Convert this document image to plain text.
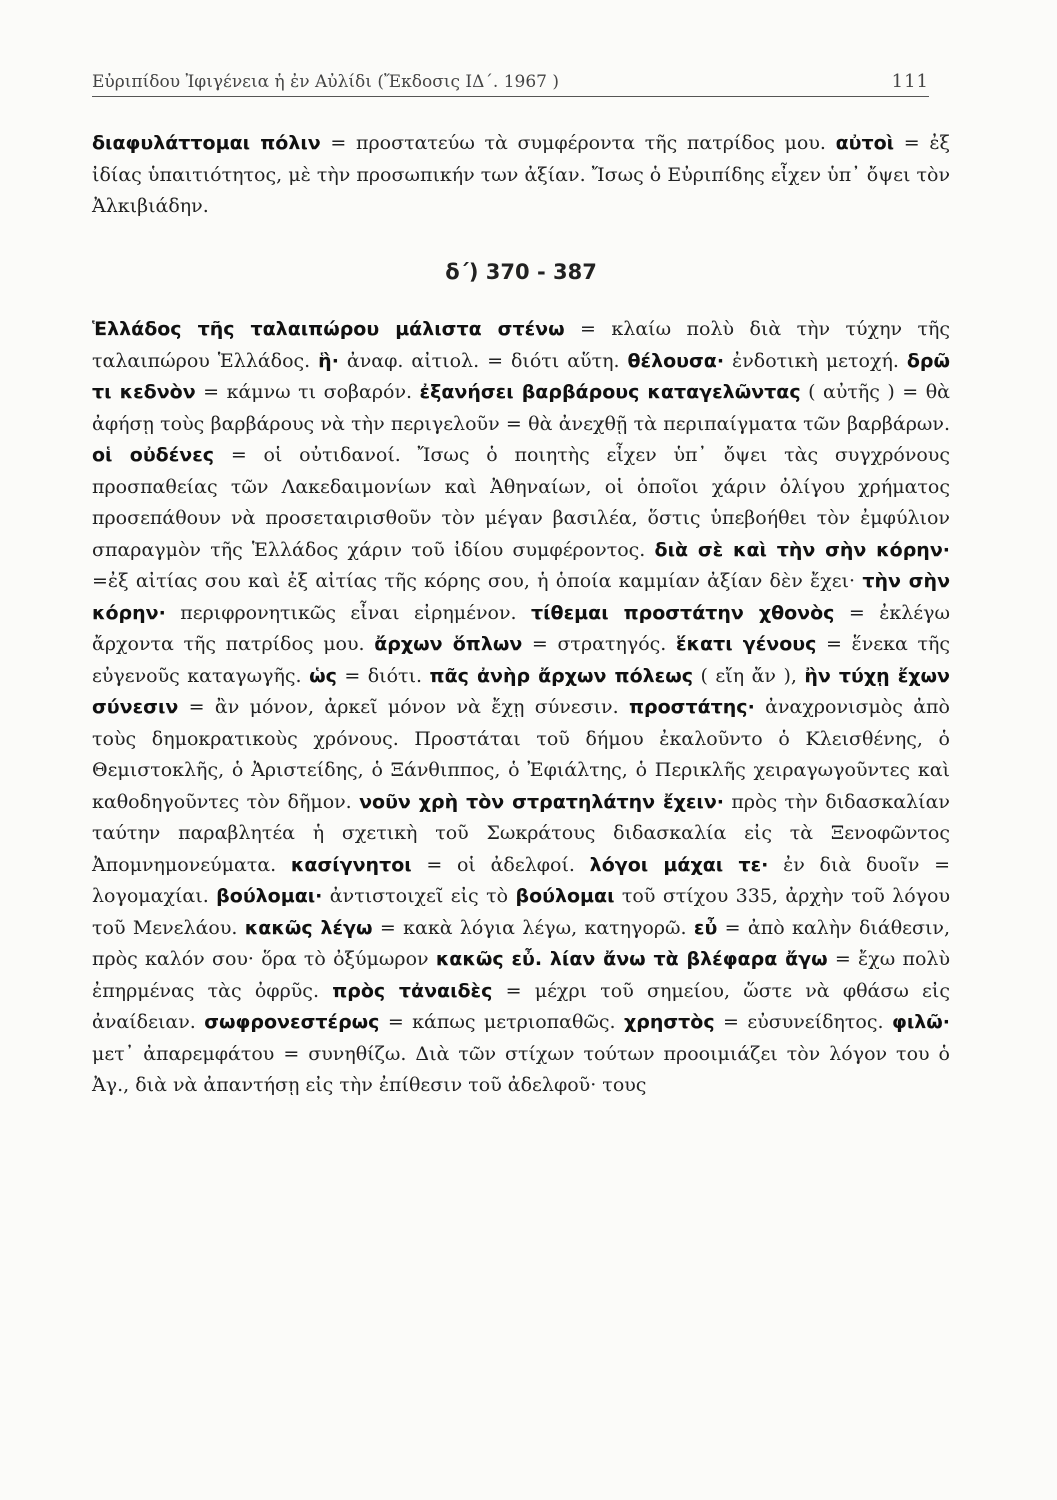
Εὐριπίδου Ἰφιγένεια ἡ ἐν Αὐλίδι (Ἔκδοσις ΙΔ΄. 1967 )	111

διαφυλάττομαι πόλιν = προστατεύω τὰ συμφέροντα τῆς πατρίδος μου. αὐτοὶ = ἐξ ἰδίας ὑπαιτιότητος, μὲ τὴν προσωπικήν των ἀξίαν. Ἴσως ὁ Εὐριπίδης εἶχεν ὑπ᾽ ὄψει τὸν Ἀλκιβιάδην.

δ΄) 370 - 387

Ἑλλάδος τῆς ταλαιπώρου μάλιστα στένω = κλαίω πολὺ διὰ τὴν τύχην τῆς ταλαιπώρου Ἑλλάδος. ἣ· ἀναφ. αἰτιολ. = διότι αὕτη. θέλουσα· ἐνδοτικὴ μετοχή. δρῶ τι κεδνὸν = κάμνω τι σοβαρόν. ἐξανήσει βαρβάρους καταγελῶντας ( αὐτῆς ) = θὰ ἀφήσῃ τοὺς βαρβάρους νὰ τὴν περιγελοῦν = θὰ ἀνεχθῇ τὰ περιπαίγματα τῶν βαρβάρων. οἱ οὐδένες = οἱ οὐτιδανοί. Ἴσως ὁ ποιητὴς εἶχεν ὑπ᾽ ὄψει τὰς συγχρόνους προσπαθείας τῶν Λακεδαιμονίων καὶ Ἀθηναίων, οἱ ὁποῖοι χάριν ὀλίγου χρήματος προσεπάθουν νὰ προσεταιρισθοῦν τὸν μέγαν βασιλέα, ὅστις ὑπεβοήθει τὸν ἐμφύλιον σπαραγμὸν τῆς Ἑλλάδος χάριν τοῦ ἰδίου συμφέροντος. διὰ σὲ καὶ τὴν σὴν κόρην· =ἐξ αἰτίας σου καὶ ἐξ αἰτίας τῆς κόρης σου, ἡ ὁποία καμμίαν ἀξίαν δὲν ἔχει· τὴν σὴν κόρην· περιφρονητικῶς εἶναι εἰρημένον. τίθεμαι προστάτην χθονὸς = ἐκλέγω ἄρχοντα τῆς πατρίδος μου. ἄρχων ὅπλων = στρατηγός. ἕκατι γένους = ἕνεκα τῆς εὐγενοῦς καταγωγῆς. ὡς = διότι. πᾶς ἀνὴρ ἄρχων πόλεως ( εἴη ἄν ), ἢν τύχῃ ἔχων σύνεσιν = ἂν μόνον, ἀρκεῖ μόνον νὰ ἔχῃ σύνεσιν. προστάτης· ἀναχρονισμὸς ἀπὸ τοὺς δημοκρατικοὺς χρόνους. Προστάται τοῦ δήμου ἐκαλοῦντο ὁ Κλεισθένης, ὁ Θεμιστοκλῆς, ὁ Ἀριστείδης, ὁ Ξάνθιππος, ὁ Ἐφιάλτης, ὁ Περικλῆς χειραγωγοῦντες καὶ καθοδηγοῦντες τὸν δῆμον. νοῦν χρὴ τὸν στρατηλάτην ἔχειν· πρὸς τὴν διδασκαλίαν ταύτην παραβλητέα ἡ σχετικὴ τοῦ Σωκράτους διδασκαλία εἰς τὰ Ξενοφῶντος Ἀπομνημονεύματα. κασίγνητοι = οἱ ἀδελφοί. λόγοι μάχαι τε· ἐν διὰ δυοῖν = λογομαχίαι. βούλομαι· ἀντιστοιχεῖ εἰς τὸ βούλομαι τοῦ στίχου 335, ἀρχὴν τοῦ λόγου τοῦ Μενελάου. κακῶς λέγω = κακὰ λόγια λέγω, κατηγορῶ. εὖ = ἀπὸ καλὴν διάθεσιν, πρὸς καλόν σου· ὅρα τὸ ὀξύμωρον κακῶς εὖ. λίαν ἄνω τὰ βλέφαρα ἄγω = ἔχω πολὺ ἐπηρμένας τὰς ὀφρῦς. πρὸς τἀναιδὲς = μέχρι τοῦ σημείου, ὥστε νὰ φθάσω εἰς ἀναίδειαν. σωφρονεστέρως = κάπως μετριοπαθῶς. χρηστὸς = εὐσυνείδητος. φιλῶ· μετ᾽ ἀπαρεμφάτου = συνηθίζω. Διὰ τῶν στίχων τούτων προοιμιάζει τὸν λόγον του ὁ Ἀγ., διὰ νὰ ἀπαντήσῃ εἰς τὴν ἐπίθεσιν τοῦ ἀδελφοῦ· τους
